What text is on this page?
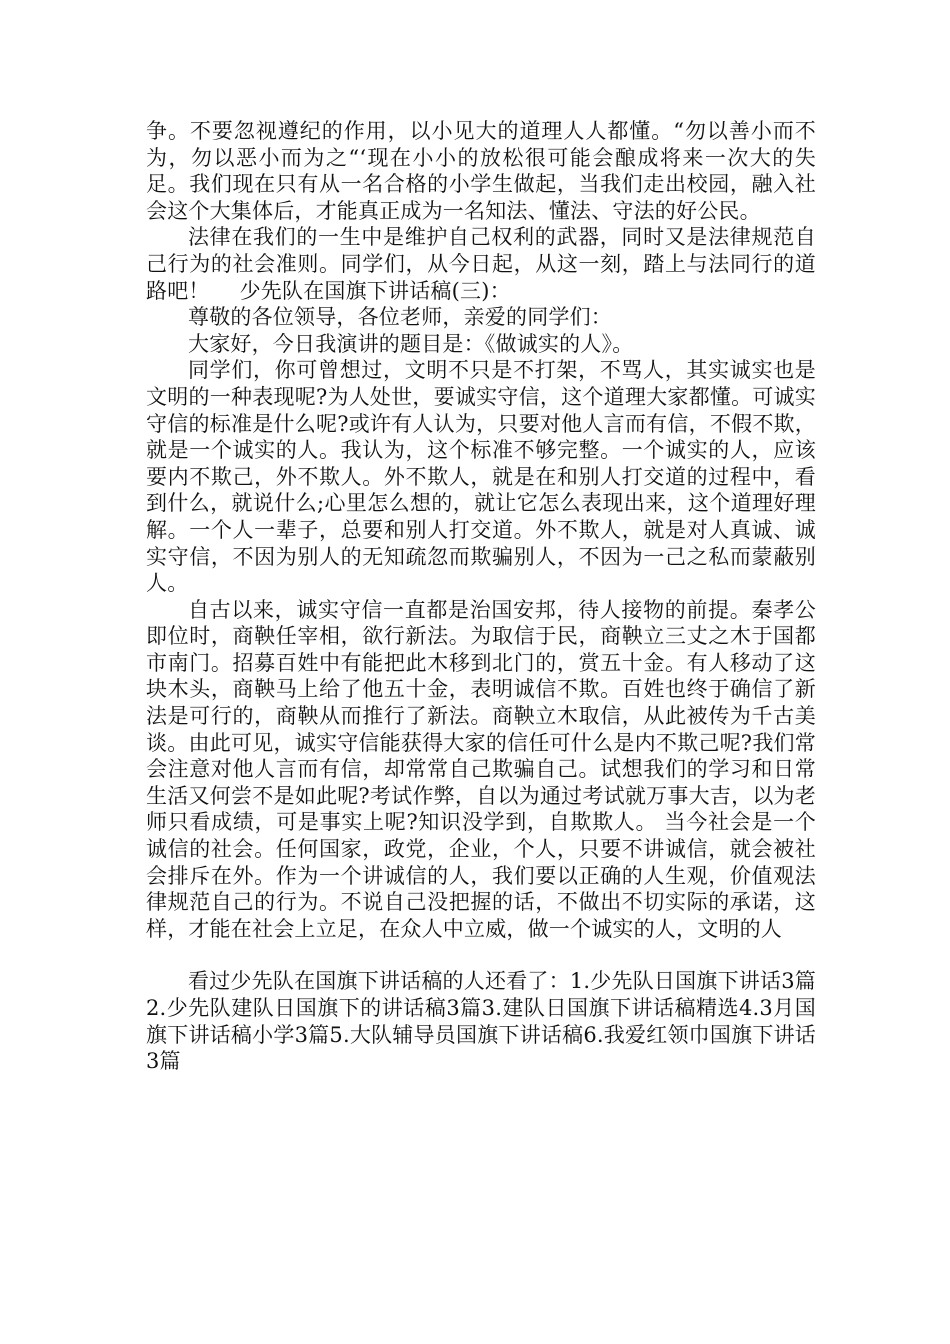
争。不要忽视遵纪的作用，以小见大的道理人人都懂。“勿以善小而不为，勿以恶小而为之“‘现在小小的放松很可能会酿成将来一次大的失足。我们现在只有从一名合格的小学生做起，当我们走出校园，融入社会这个大集体后，才能真正成为一名知法、懂法、守法的好公民。

法律在我们的一生中是维护自己权利的武器，同时又是法律规范自己行为的社会准则。同学们，从今日起，从这一刻，踏上与法同行的道路吧！ 少先队在国旗下讲话稿(三)：

尊敬的各位领导，各位老师，亲爱的同学们：

大家好，今日我演讲的题目是：《做诚实的人》。

同学们，你可曾想过，文明不只是不打架，不骂人，其实诚实也是文明的一种表现呢?为人处世，要诚实守信，这个道理大家都懂。可诚实守信的标准是什么呢?或许有人认为，只要对他人言而有信，不假不欺，就是一个诚实的人。我认为，这个标准不够完整。一个诚实的人，应该要内不欺己，外不欺人。外不欺人，就是在和别人打交道的过程中，看到什么，就说什么;心里怎么想的，就让它怎么表现出来，这个道理好理解。一个人一辈子，总要和别人打交道。外不欺人，就是对人真诚、诚实守信，不因为别人的无知疏忽而欺骗别人，不因为一己之私而蒙蔽别人。

自古以来，诚实守信一直都是治国安邦，待人接物的前提。秦孝公即位时，商鞅任宰相，欲行新法。为取信于民，商鞅立三丈之木于国都市南门。招募百姓中有能把此木移到北门的，赏五十金。有人移动了这块木头，商鞅马上给了他五十金，表明诚信不欺。百姓也终于确信了新法是可行的，商鞅从而推行了新法。商鞅立木取信，从此被传为千古美谈。由此可见，诚实守信能获得大家的信任可什么是内不欺己呢?我们常会注意对他人言而有信，却常常自己欺骗自己。试想我们的学习和日常生活又何尝不是如此呢?考试作弊，自以为通过考试就万事大吉，以为老师只看成绩，可是事实上呢?知识没学到，自欺欺人。 当今社会是一个诚信的社会。任何国家，政党，企业，个人，只要不讲诚信，就会被社会排斥在外。作为一个讲诚信的人，我们要以正确的人生观，价值观法律规范自己的行为。不说自己没把握的话，不做出不切实际的承诺，这样，才能在社会上立足，在众人中立威，做一个诚实的人，文明的人

看过少先队在国旗下讲话稿的人还看了：1.少先队日国旗下讲话3篇2.少先队建队日国旗下的讲话稿3篇3.建队日国旗下讲话稿精选4.3月国旗下讲话稿小学3篇5.大队辅导员国旗下讲话稿6.我爱红领巾国旗下讲话3篇
